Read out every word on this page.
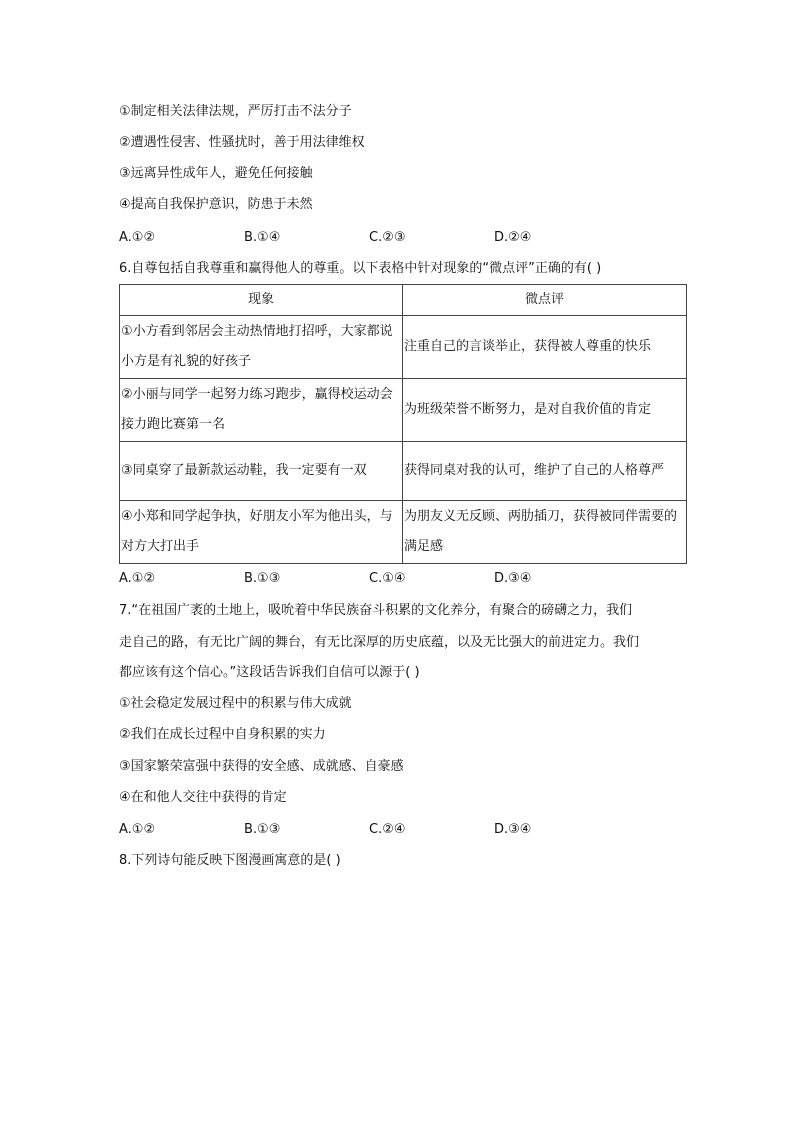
①制定相关法律法规，严厉打击不法分子
②遭遇性侵害、性骚扰时，善于用法律维权
③远离异性成年人，避免任何接触
④提高自我保护意识，防患于未然
A.①②	B.①④	C.②③	D.②④
6.自尊包括自我尊重和赢得他人的尊重。以下表格中针对现象的“微点评”正确的有( )
现象	微点评
①小方看到邻居会主动热情地打招呼，大家都说小方是有礼貌的好孩子	注重自己的言谈举止，获得被人尊重的快乐
②小丽与同学一起努力练习跑步，赢得校运动会接力跑比赛第一名	为班级荣誉不断努力，是对自我价值的肯定
③同桌穿了最新款运动鞋，我一定要有一双	获得同桌对我的认可，维护了自己的人格尊严
④小郑和同学起争执，好朋友小军为他出头，与对方大打出手	为朋友义无反顾、两肋插刀，获得被同伴需要的满足感
A.①②	B.①③	C.①④	D.③④
7.“在祖国广袤的土地上，吸吮着中华民族奋斗积累的文化养分，有聚合的磅礴之力，我们
走自己的路，有无比广阔的舞台，有无比深厚的历史底蕴，以及无比强大的前进定力。我们
都应该有这个信心。”这段话告诉我们自信可以源于( )
①社会稳定发展过程中的积累与伟大成就
②我们在成长过程中自身积累的实力
③国家繁荣富强中获得的安全感、成就感、自豪感
④在和他人交往中获得的肯定
A.①②	B.①③	C.②④	D.③④
8.下列诗句能反映下图漫画寓意的是( )
